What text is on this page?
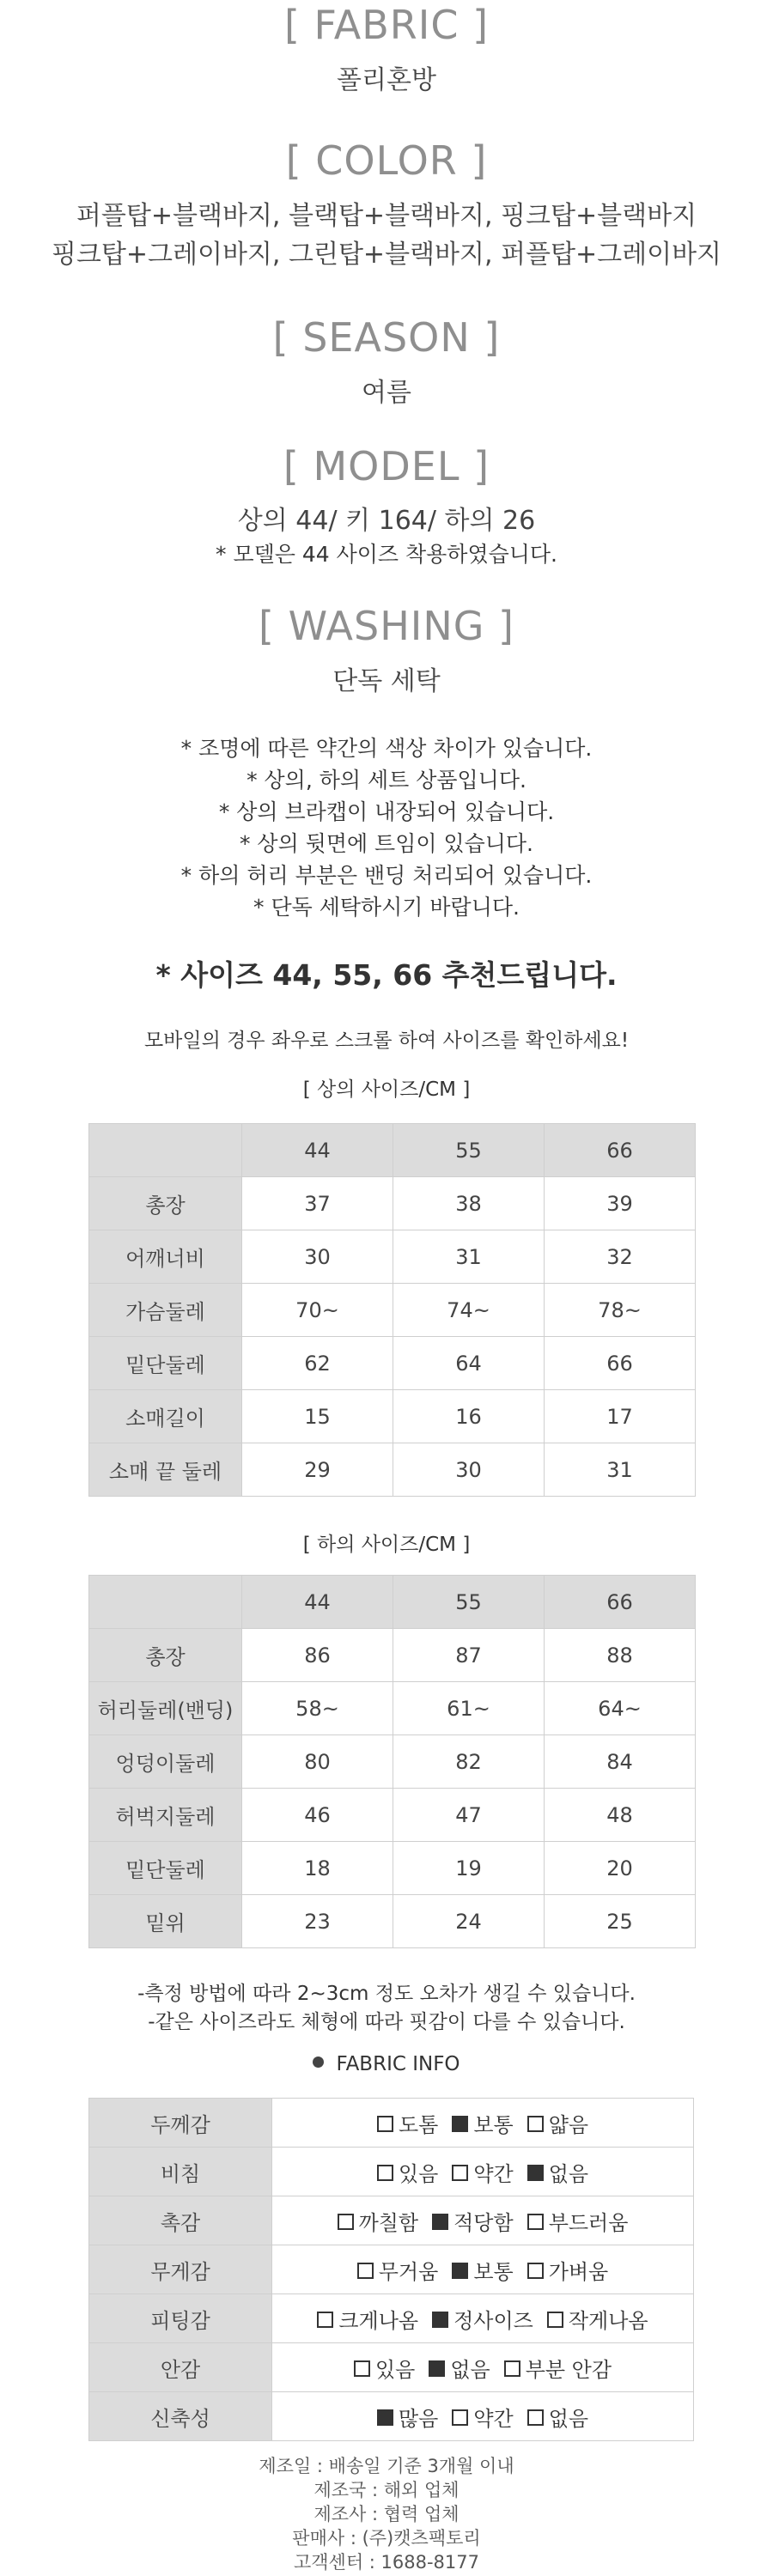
[ FABRIC ]
폴리혼방
[ COLOR ]
퍼플탑+블랙바지, 블랙탑+블랙바지, 핑크탑+블랙바지
핑크탑+그레이바지, 그린탑+블랙바지, 퍼플탑+그레이바지
[ SEASON ]
여름
[ MODEL ]
상의 44/ 키 164/ 하의 26
* 모델은 44 사이즈 착용하였습니다.
[ WASHING ]
단독 세탁
* 조명에 따른 약간의 색상 차이가 있습니다.
* 상의, 하의 세트 상품입니다.
* 상의 브라캡이 내장되어 있습니다.
* 상의 뒷면에 트임이 있습니다.
* 하의 허리 부분은 밴딩 처리되어 있습니다.
* 단독 세탁하시기 바랍니다.
* 사이즈 44, 55, 66 추천드립니다.
모바일의 경우 좌우로 스크롤 하여 사이즈를 확인하세요!
[ 상의 사이즈/CM ]
	44	55	66
총장	37	38	39
어깨너비	30	31	32
가슴둘레	70~	74~	78~
밑단둘레	62	64	66
소매길이	15	16	17
소매 끝 둘레	29	30	31
[ 하의 사이즈/CM ]
	44	55	66
총장	86	87	88
허리둘레(밴딩)	58~	61~	64~
엉덩이둘레	80	82	84
허벅지둘레	46	47	48
밑단둘레	18	19	20
밑위	23	24	25
-측정 방법에 따라 2~3cm 정도 오차가 생길 수 있습니다.
-같은 사이즈라도 체형에 따라 핏감이 다를 수 있습니다.
FABRIC INFO
두께감	도톰 보통 얇음
비침	있음 약간 없음
촉감	까칠함 적당함 부드러움
무게감	무거움 보통 가벼움
피팅감	크게나옴 정사이즈 작게나옴
안감	있음 없음 부분 안감
신축성	많음 약간 없음
제조일 : 배송일 기준 3개월 이내
제조국 : 해외 업체
제조사 : 협력 업체
판매사 : (주)캣츠팩토리
고객센터 : 1688-8177
